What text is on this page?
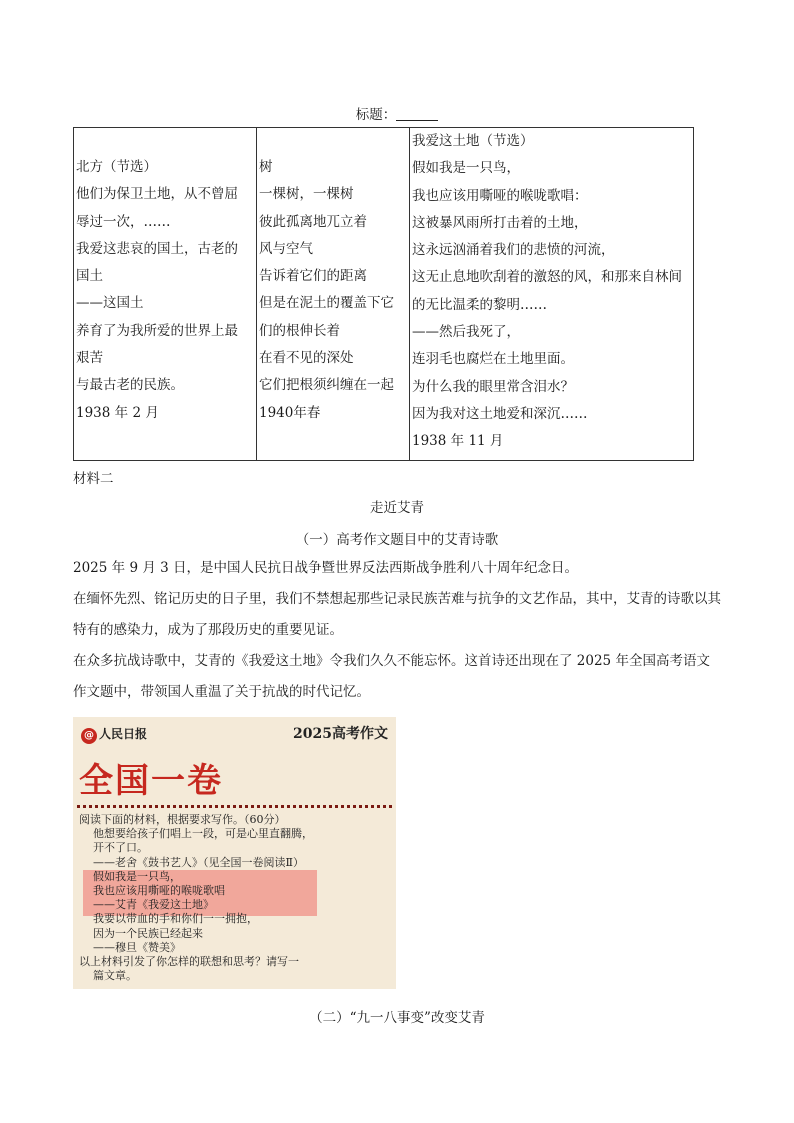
标题：
北方（节选）
他们为保卫土地，从不曾屈
辱过一次，……
我爱这悲哀的国土，古老的
国土
——这国土
养育了为我所爱的世界上最
艰苦
与最古老的民族。
1938 年 2 月

树
一棵树，一棵树
彼此孤离地兀立着
风与空气
告诉着它们的距离
但是在泥土的覆盖下它
们的根伸长着
在看不见的深处
它们把根须纠缠在一起
1940年春

我爱这土地（节选）
假如我是一只鸟，
我也应该用嘶哑的喉咙歌唱：
这被暴风雨所打击着的土地，
这永远汹涌着我们的悲愤的河流，
这无止息地吹刮着的激怒的风，和那来自林间
的无比温柔的黎明……
——然后我死了，
连羽毛也腐烂在土地里面。
为什么我的眼里常含泪水？
因为我对这土地爱和深沉……
1938 年 11 月
材料二
走近艾青
（一）高考作文题目中的艾青诗歌
2025 年 9 月 3 日，是中国人民抗日战争暨世界反法西斯战争胜利八十周年纪念日。
在缅怀先烈、铭记历史的日子里，我们不禁想起那些记录民族苦难与抗争的文艺作品，其中，艾青的诗歌以其特有的感染力，成为了那段历史的重要见证。
在众多抗战诗歌中，艾青的《我爱这土地》令我们久久不能忘怀。这首诗还出现在了 2025 年全国高考语文作文题中，带领国人重温了关于抗战的时代记忆。
@ 人民日报	2025高考作文
全国一卷
阅读下面的材料，根据要求写作。（60分）
他想要给孩子们唱上一段，可是心里直翻腾，
开不了口。
——老舍《鼓书艺人》（见全国一卷阅读Ⅱ）
假如我是一只鸟，
我也应该用嘶哑的喉咙歌唱
——艾青《我爱这土地》
我要以带血的手和你们一一拥抱，
因为一个民族已经起来
——穆旦《赞美》
以上材料引发了你怎样的联想和思考？请写一
篇文章。
（二）“九一八事变”改变艾青
